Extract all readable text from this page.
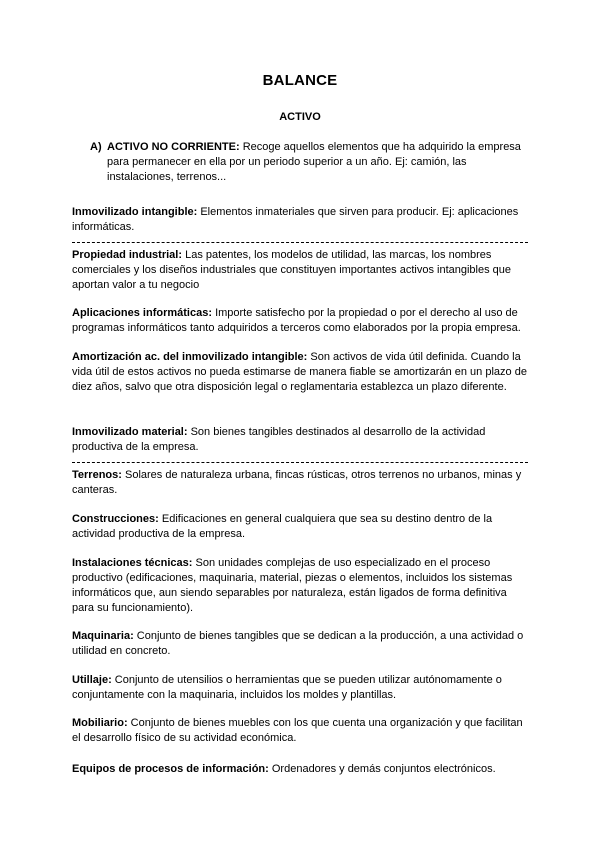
BALANCE
ACTIVO
A) ACTIVO NO CORRIENTE: Recoge aquellos elementos que ha adquirido la empresa para permanecer en ella por un periodo superior a un año. Ej: camión, las instalaciones, terrenos...
Inmovilizado intangible: Elementos inmateriales que sirven para producir. Ej: aplicaciones informáticas.
Propiedad industrial: Las patentes, los modelos de utilidad, las marcas, los nombres comerciales y los diseños industriales que constituyen importantes activos intangibles que aportan valor a tu negocio
Aplicaciones informáticas: Importe satisfecho por la propiedad o por el derecho al uso de programas informáticos tanto adquiridos a terceros como elaborados por la propia empresa.
Amortización ac. del inmovilizado intangible: Son activos de vida útil definida. Cuando la vida útil de estos activos no pueda estimarse de manera fiable se amortizarán en un plazo de diez años, salvo que otra disposición legal o reglamentaria establezca un plazo diferente.
Inmovilizado material: Son bienes tangibles destinados al desarrollo de la actividad productiva de la empresa.
Terrenos: Solares de naturaleza urbana, fincas rústicas, otros terrenos no urbanos, minas y canteras.
Construcciones: Edificaciones en general cualquiera que sea su destino dentro de la actividad productiva de la empresa.
Instalaciones técnicas: Son unidades complejas de uso especializado en el proceso productivo (edificaciones, maquinaria, material, piezas o elementos, incluidos los sistemas informáticos que, aun siendo separables por naturaleza, están ligados de forma definitiva para su funcionamiento).
Maquinaria: Conjunto de bienes tangibles que se dedican a la producción, a una actividad o utilidad en concreto.
Utillaje: Conjunto de utensilios o herramientas que se pueden utilizar autónomamente o conjuntamente con la maquinaria, incluidos los moldes y plantillas.
Mobiliario: Conjunto de bienes muebles con los que cuenta una organización y que facilitan el desarrollo físico de su actividad económica.
Equipos de procesos de información: Ordenadores y demás conjuntos electrónicos.
